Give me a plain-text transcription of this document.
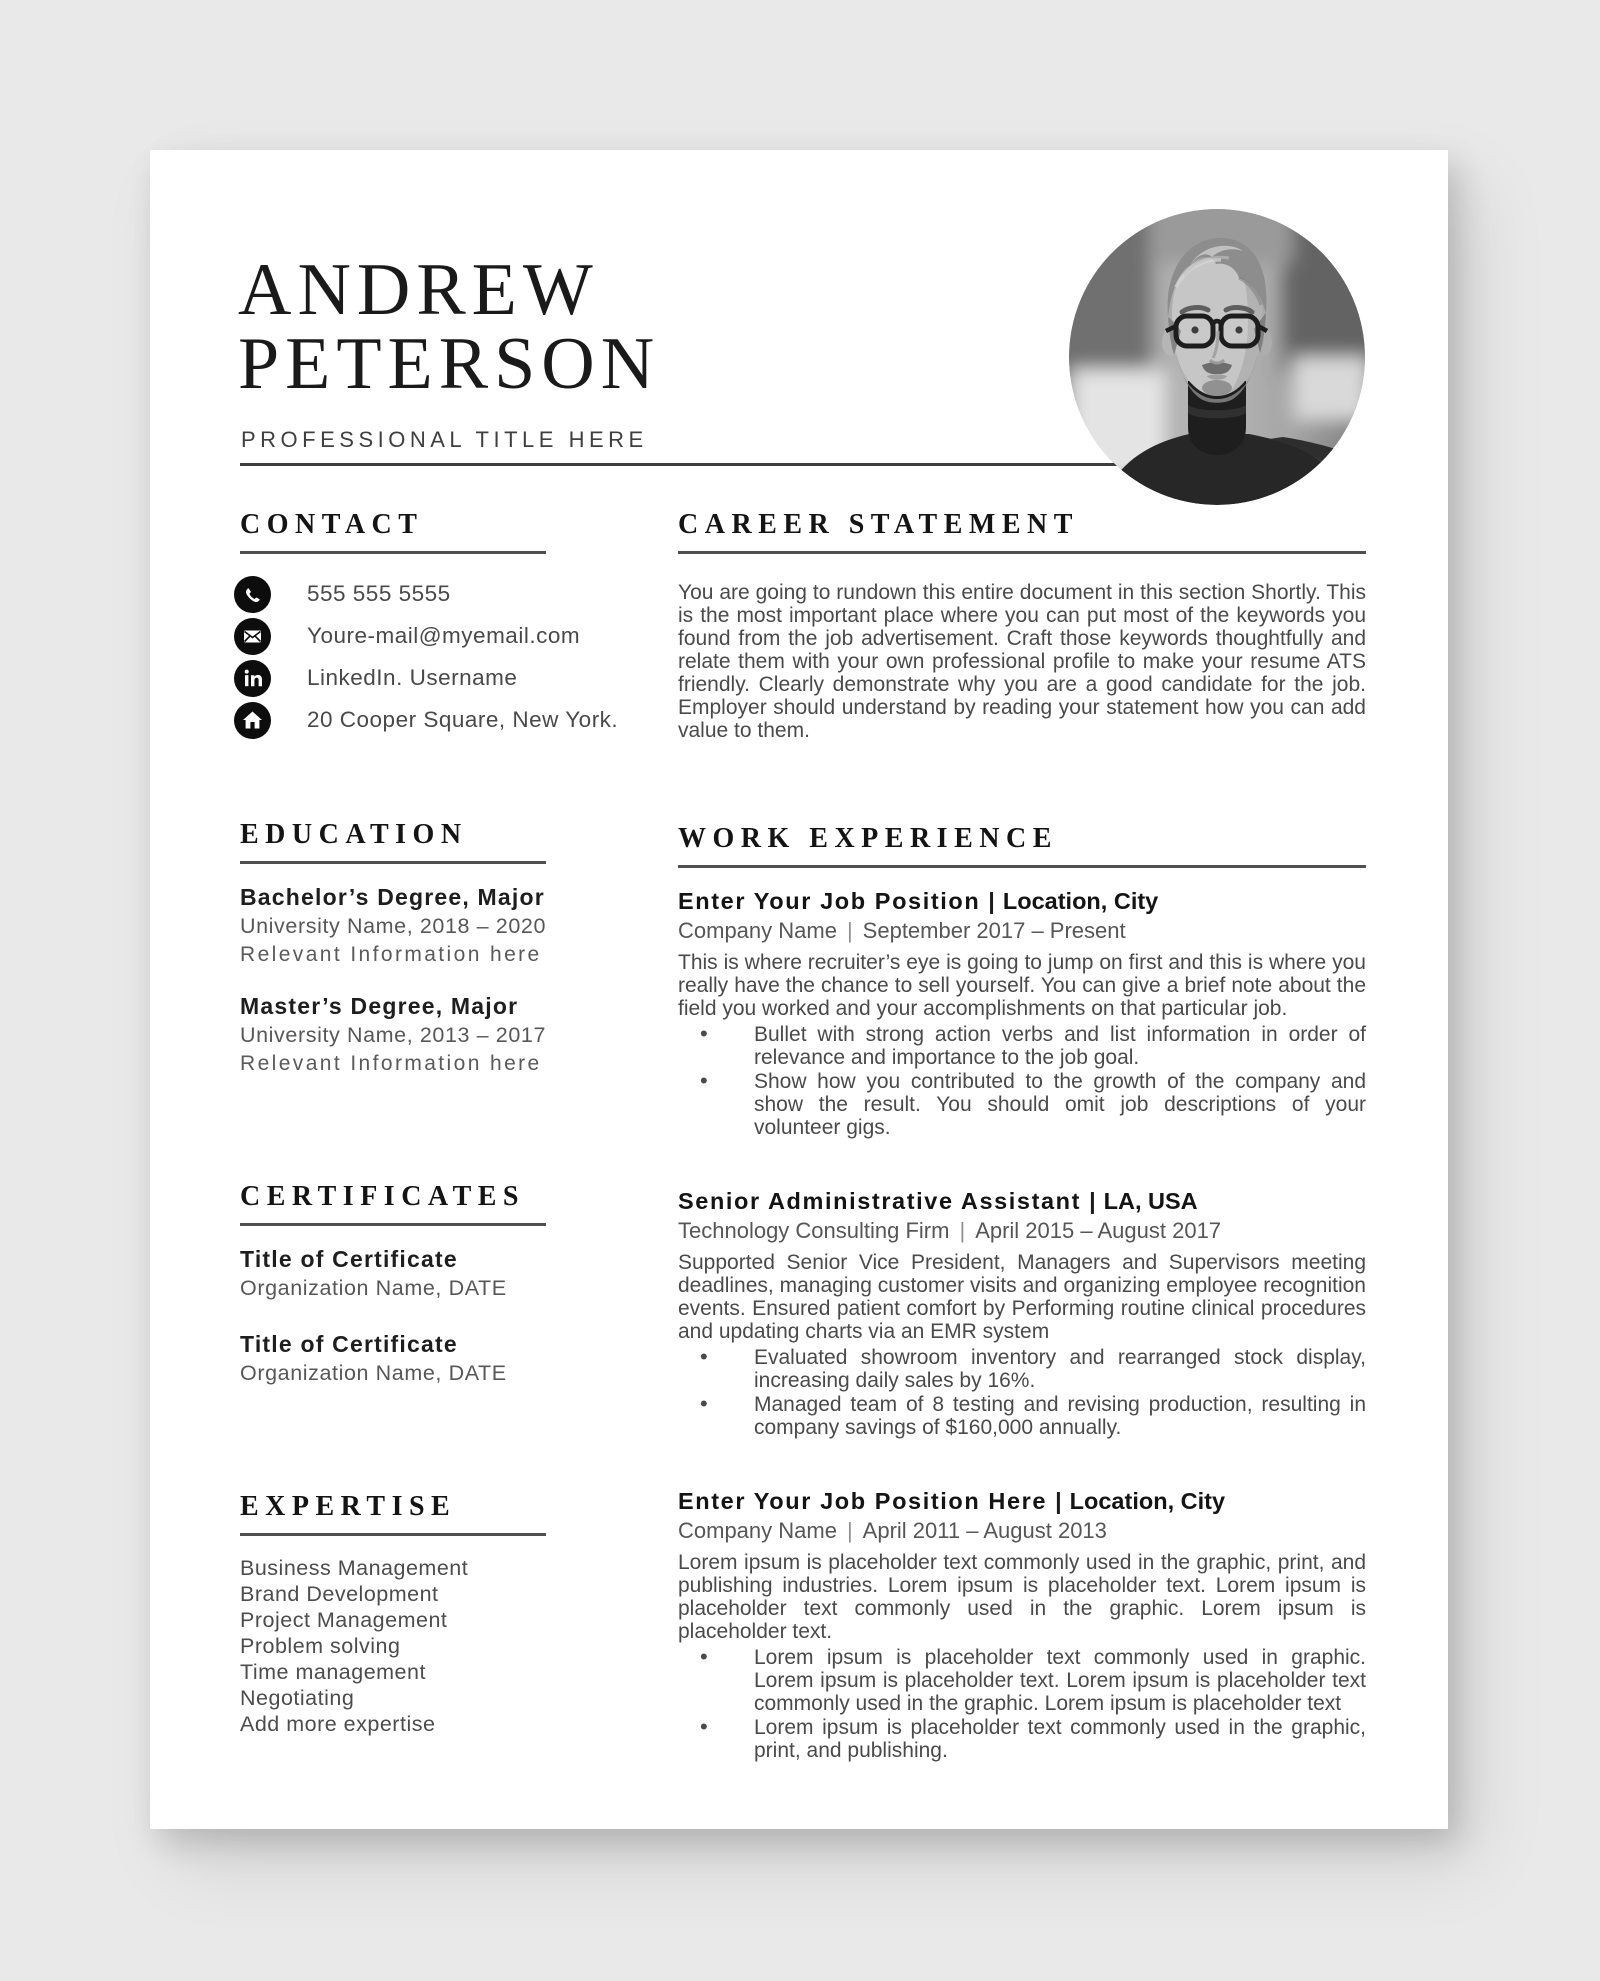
ANDREW
PETERSON
PROFESSIONAL TITLE HERE
CONTACT
555 555 5555
Youre-mail@myemail.com
LinkedIn. Username
20 Cooper Square, New York.
EDUCATION
Bachelor’s Degree, Major
University Name, 2018 – 2020
Relevant Information here
Master’s Degree, Major
University Name, 2013 – 2017
Relevant Information here
CERTIFICATES
Title of Certificate
Organization Name, DATE
Title of Certificate
Organization Name, DATE
EXPERTISE
Business Management
Brand Development
Project Management
Problem solving
Time management
Negotiating
Add more expertise
CAREER STATEMENT

You are going to rundown this entire document in this section Shortly. This is the most important place where you can put most of the keywords you found from the job advertisement. Craft those keywords thoughtfully and relate them with your own professional profile to make your resume ATS friendly. Clearly demonstrate why you are a good candidate for the job. Employer should understand by reading your statement how you can add value to them.

WORK EXPERIENCE
Enter Your Job Position | Location, City
Company Name | September 2017 – Present

This is where recruiter’s eye is going to jump on first and this is where you really have the chance to sell yourself. You can give a brief note about the field you worked and your accomplishments on that particular job.

• Bullet with strong action verbs and list information in order of relevance and importance to the job goal.
• Show how you contributed to the growth of the company and show the result. You should omit job descriptions of your volunteer gigs.
Senior Administrative Assistant | LA, USA
Technology Consulting Firm | April 2015 – August 2017

Supported Senior Vice President, Managers and Supervisors meeting deadlines, managing customer visits and organizing employee recognition events. Ensured patient comfort by Performing routine clinical procedures and updating charts via an EMR system

• Evaluated showroom inventory and rearranged stock display, increasing daily sales by 16%.
• Managed team of 8 testing and revising production, resulting in company savings of $160,000 annually.
Enter Your Job Position Here | Location, City
Company Name | April 2011 – August 2013

Lorem ipsum is placeholder text commonly used in the graphic, print, and publishing industries. Lorem ipsum is placeholder text. Lorem ipsum is placeholder text commonly used in the graphic. Lorem ipsum is placeholder text.

• Lorem ipsum is placeholder text commonly used in graphic. Lorem ipsum is placeholder text. Lorem ipsum is placeholder text commonly used in the graphic. Lorem ipsum is placeholder text
• Lorem ipsum is placeholder text commonly used in the graphic, print, and publishing.
